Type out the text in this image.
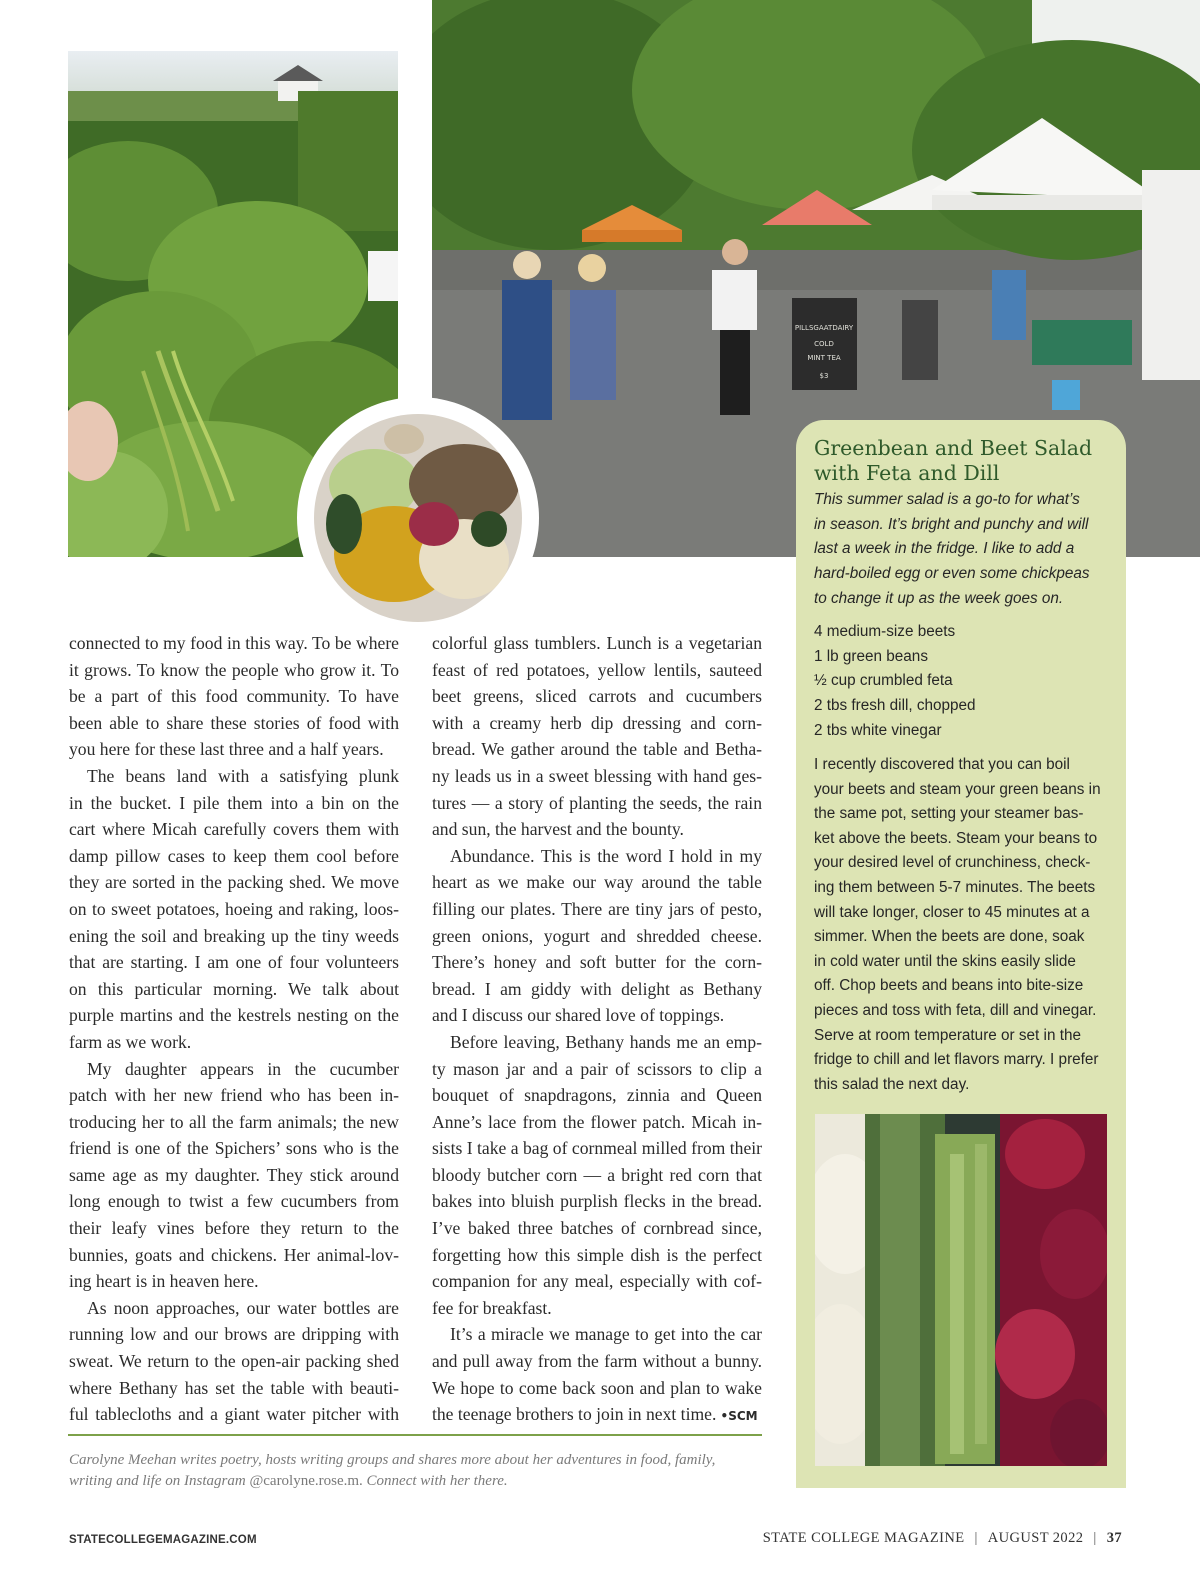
PILLSGAATDAIRY
COLD
MINT TEA
$3
Greenbean and Beet Salad
with Feta and Dill
This summer salad is a go-to for what’s
in season. It’s bright and punchy and will
last a week in the fridge. I like to add a
hard-boiled egg or even some chickpeas
to change it up as the week goes on.
4 medium-size beets
1 lb green beans
½ cup crumbled feta
2 tbs fresh dill, chopped
2 tbs white vinegar
I recently discovered that you can boil
your beets and steam your green beans in
the same pot, setting your steamer bas-
ket above the beets. Steam your beans to
your desired level of crunchiness, check-
ing them between 5-7 minutes. The beets
will take longer, closer to 45 minutes at a
simmer. When the beets are done, soak
in cold water until the skins easily slide
off. Chop beets and beans into bite-size
pieces and toss with feta, dill and vinegar.
Serve at room temperature or set in the
fridge to chill and let flavors marry. I prefer
this salad the next day.
connected to my food in this way. To be where
it grows. To know the people who grow it. To
be a part of this food community. To have
been able to share these stories of food with
you here for these last three and a half years.
The beans land with a satisfying plunk
in the bucket. I pile them into a bin on the
cart where Micah carefully covers them with
damp pillow cases to keep them cool before
they are sorted in the packing shed. We move
on to sweet potatoes, hoeing and raking, loos-
ening the soil and breaking up the tiny weeds
that are starting. I am one of four volunteers
on this particular morning. We talk about
purple martins and the kestrels nesting on the
farm as we work.
My daughter appears in the cucumber
patch with her new friend who has been in-
troducing her to all the farm animals; the new
friend is one of the Spichers’ sons who is the
same age as my daughter. They stick around
long enough to twist a few cucumbers from
their leafy vines before they return to the
bunnies, goats and chickens. Her animal-lov-
ing heart is in heaven here.
As noon approaches, our water bottles are
running low and our brows are dripping with
sweat. We return to the open-air packing shed
where Bethany has set the table with beauti-
ful tablecloths and a giant water pitcher with
colorful glass tumblers. Lunch is a vegetarian
feast of red potatoes, yellow lentils, sauteed
beet greens, sliced carrots and cucumbers
with a creamy herb dip dressing and corn-
bread. We gather around the table and Betha-
ny leads us in a sweet blessing with hand ges-
tures — a story of planting the seeds, the rain
and sun, the harvest and the bounty.
Abundance. This is the word I hold in my
heart as we make our way around the table
filling our plates. There are tiny jars of pesto,
green onions, yogurt and shredded cheese.
There’s honey and soft butter for the corn-
bread. I am giddy with delight as Bethany
and I discuss our shared love of toppings.
Before leaving, Bethany hands me an emp-
ty mason jar and a pair of scissors to clip a
bouquet of snapdragons, zinnia and Queen
Anne’s lace from the flower patch. Micah in-
sists I take a bag of cornmeal milled from their
bloody butcher corn — a bright red corn that
bakes into bluish purplish flecks in the bread.
I’ve baked three batches of cornbread since,
forgetting how this simple dish is the perfect
companion for any meal, especially with cof-
fee for breakfast.
It’s a miracle we manage to get into the car
and pull away from the farm without a bunny.
We hope to come back soon and plan to wake
the teenage brothers to join in next time. •SCM
Carolyne Meehan writes poetry, hosts writing groups and shares more about her adventures in food, family,
writing and life on Instagram @carolyne.rose.m. Connect with her there.
STATECOLLEGEMAGAZINE.COM	STATE COLLEGE MAGAZINE | AUGUST 2022 | 37
